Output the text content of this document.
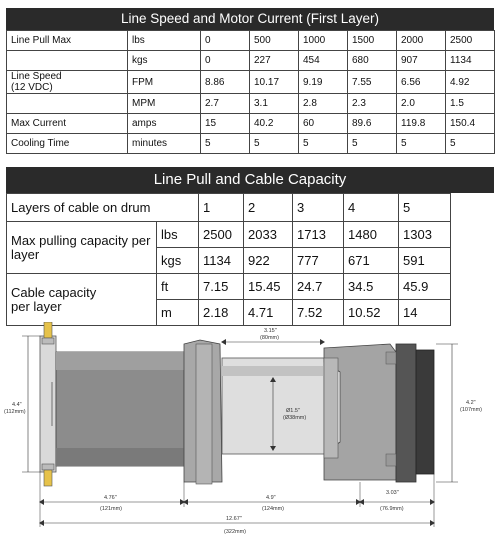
Line Speed and Motor Current (First Layer)
Line Pull Max	lbs	0	500	1000	1500	2000	2500
	kgs	0	227	454	680	907	1134
Line Speed
(12 VDC)	FPM	8.86	10.17	9.19	7.55	6.56	4.92
	MPM	2.7	3.1	2.8	2.3	2.0	1.5
Max Current	amps	15	40.2	60	89.6	119.8	150.4
Cooling Time	minutes	5	5	5	5	5	5
Line Pull and Cable Capacity
Layers of cable on drum		1	2	3	4	5	
Max pulling capacity per layer	lbs	2500	2033	1713	1480	1303	
	kgs	1134	922	777	671	591	
Cable capacity
per layer	ft	7.15	15.45	24.7	34.5	45.9	
	m	2.18	4.71	7.52	10.52	14	
Ø1.5"
(Ø38mm)
3.15"
(80mm)
4.4"
(112mm)
4.2"
(107mm)
4.76"
(121mm)
4.9"
(124mm)
3.03"
(76.9mm)
12.67"
(322mm)
